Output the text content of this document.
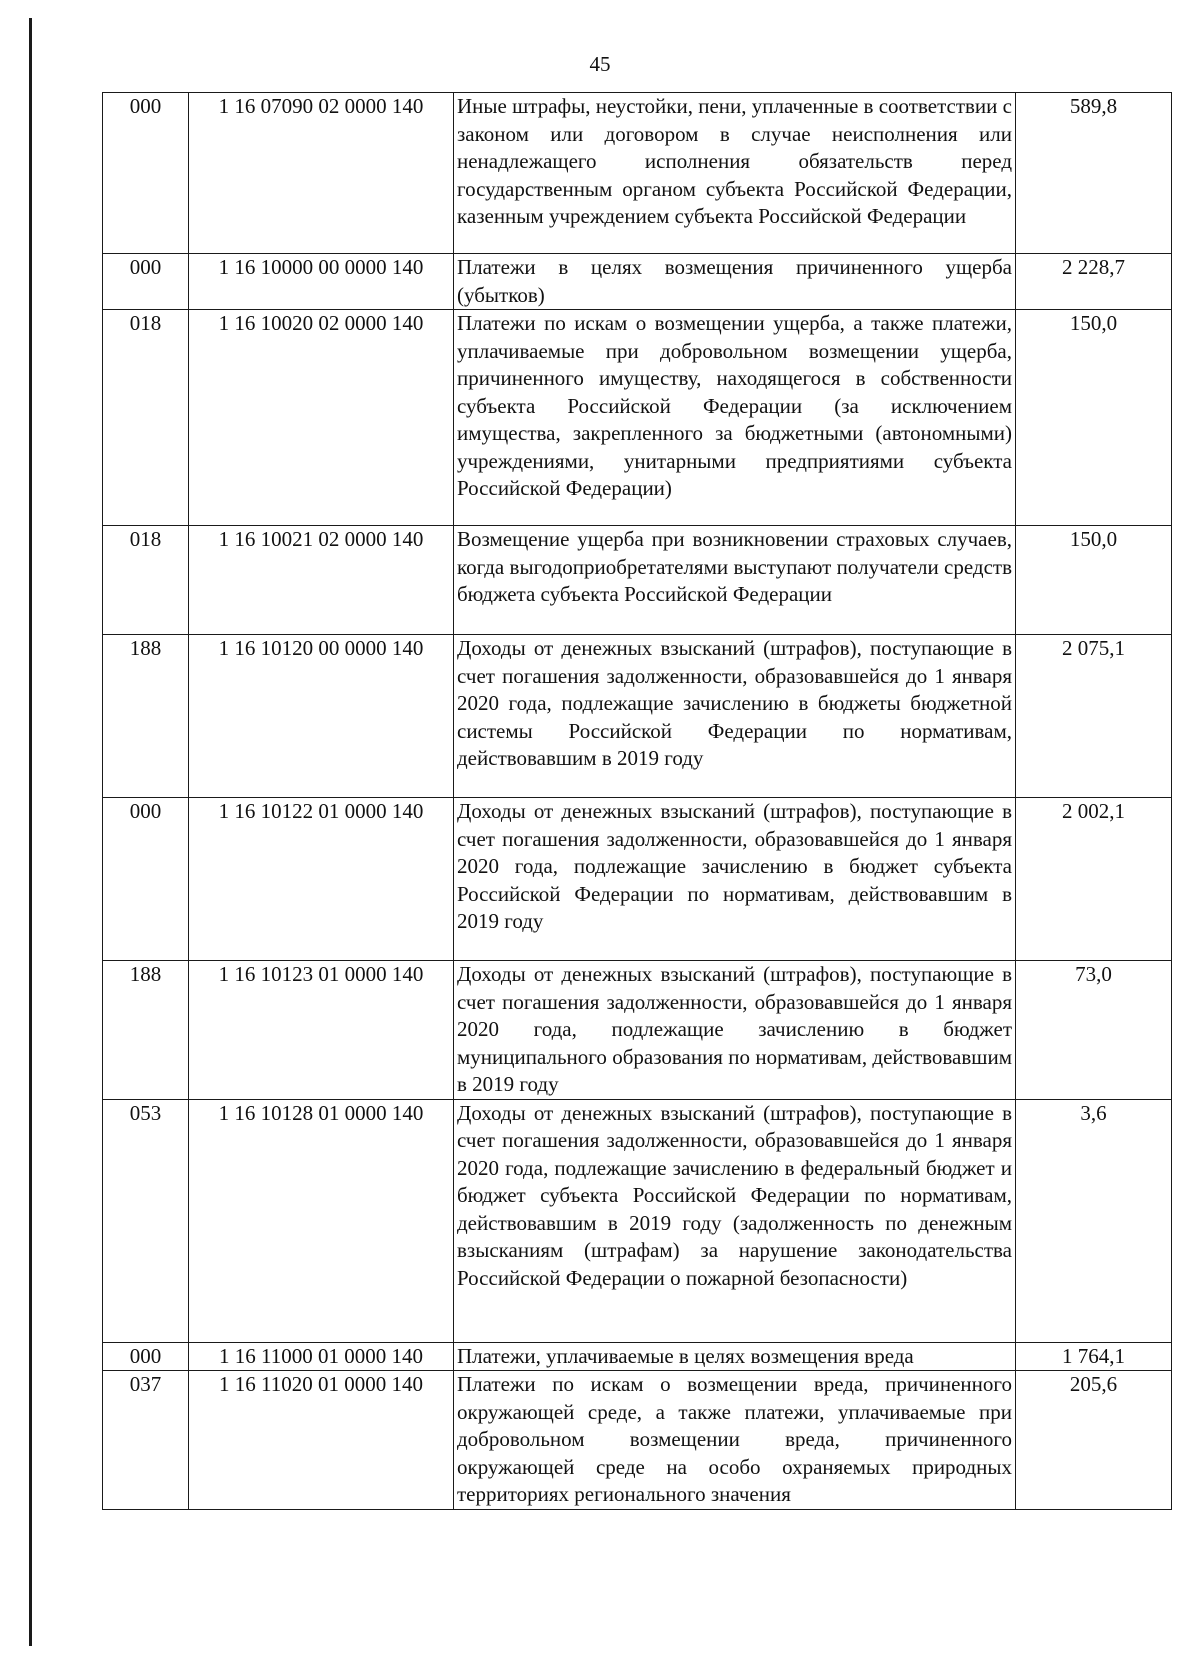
45
000	1 16 07090 02 0000 140	Иные штрафы, неустойки, пени, уплаченные в соответствии с законом или договором в случае неисполнения или ненадлежащего исполнения обязательств перед государственным органом субъекта Российской Федерации, казенным учреждением субъекта Российской Федерации	589,8
000	1 16 10000 00 0000 140	Платежи в целях возмещения причиненного ущерба (убытков)	2 228,7
018	1 16 10020 02 0000 140	Платежи по искам о возмещении ущерба, а также платежи, уплачиваемые при добровольном возмещении ущерба, причиненного имуществу, находящегося в собственности субъекта Российской Федерации (за исключением имущества, закрепленного за бюджетными (автономными) учреждениями, унитарными предприятиями субъекта Российской Федерации)	150,0
018	1 16 10021 02 0000 140	Возмещение ущерба при возникновении страховых случаев, когда выгодоприобретателями выступают получатели средств бюджета субъекта Российской Федерации	150,0
188	1 16 10120 00 0000 140	Доходы от денежных взысканий (штрафов), поступающие в счет погашения задолженности, образовавшейся до 1 января 2020 года, подлежащие зачислению в бюджеты бюджетной системы Российской Федерации по нормативам, действовавшим в 2019 году	2 075,1
000	1 16 10122 01 0000 140	Доходы от денежных взысканий (штрафов), поступающие в счет погашения задолженности, образовавшейся до 1 января 2020 года, подлежащие зачислению в бюджет субъекта Российской Федерации по нормативам, действовавшим в 2019 году	2 002,1
188	1 16 10123 01 0000 140	Доходы от денежных взысканий (штрафов), поступающие в счет погашения задолженности, образовавшейся до 1 января 2020 года, подлежащие зачислению в бюджет муниципального образования по нормативам, действовавшим в 2019 году	73,0
053	1 16 10128 01 0000 140	Доходы от денежных взысканий (штрафов), поступающие в счет погашения задолженности, образовавшейся до 1 января 2020 года, подлежащие зачислению в федеральный бюджет и бюджет субъекта Российской Федерации по нормативам, действовавшим в 2019 году (задолженность по денежным взысканиям (штрафам) за нарушение законодательства Российской Федерации о пожарной безопасности)	3,6
000	1 16 11000 01 0000 140	Платежи, уплачиваемые в целях возмещения вреда	1 764,1
037	1 16 11020 01 0000 140	Платежи по искам о возмещении вреда, причиненного окружающей среде, а также платежи, уплачиваемые при добровольном возмещении вреда, причиненного окружающей среде на особо охраняемых природных территориях регионального значения	205,6
